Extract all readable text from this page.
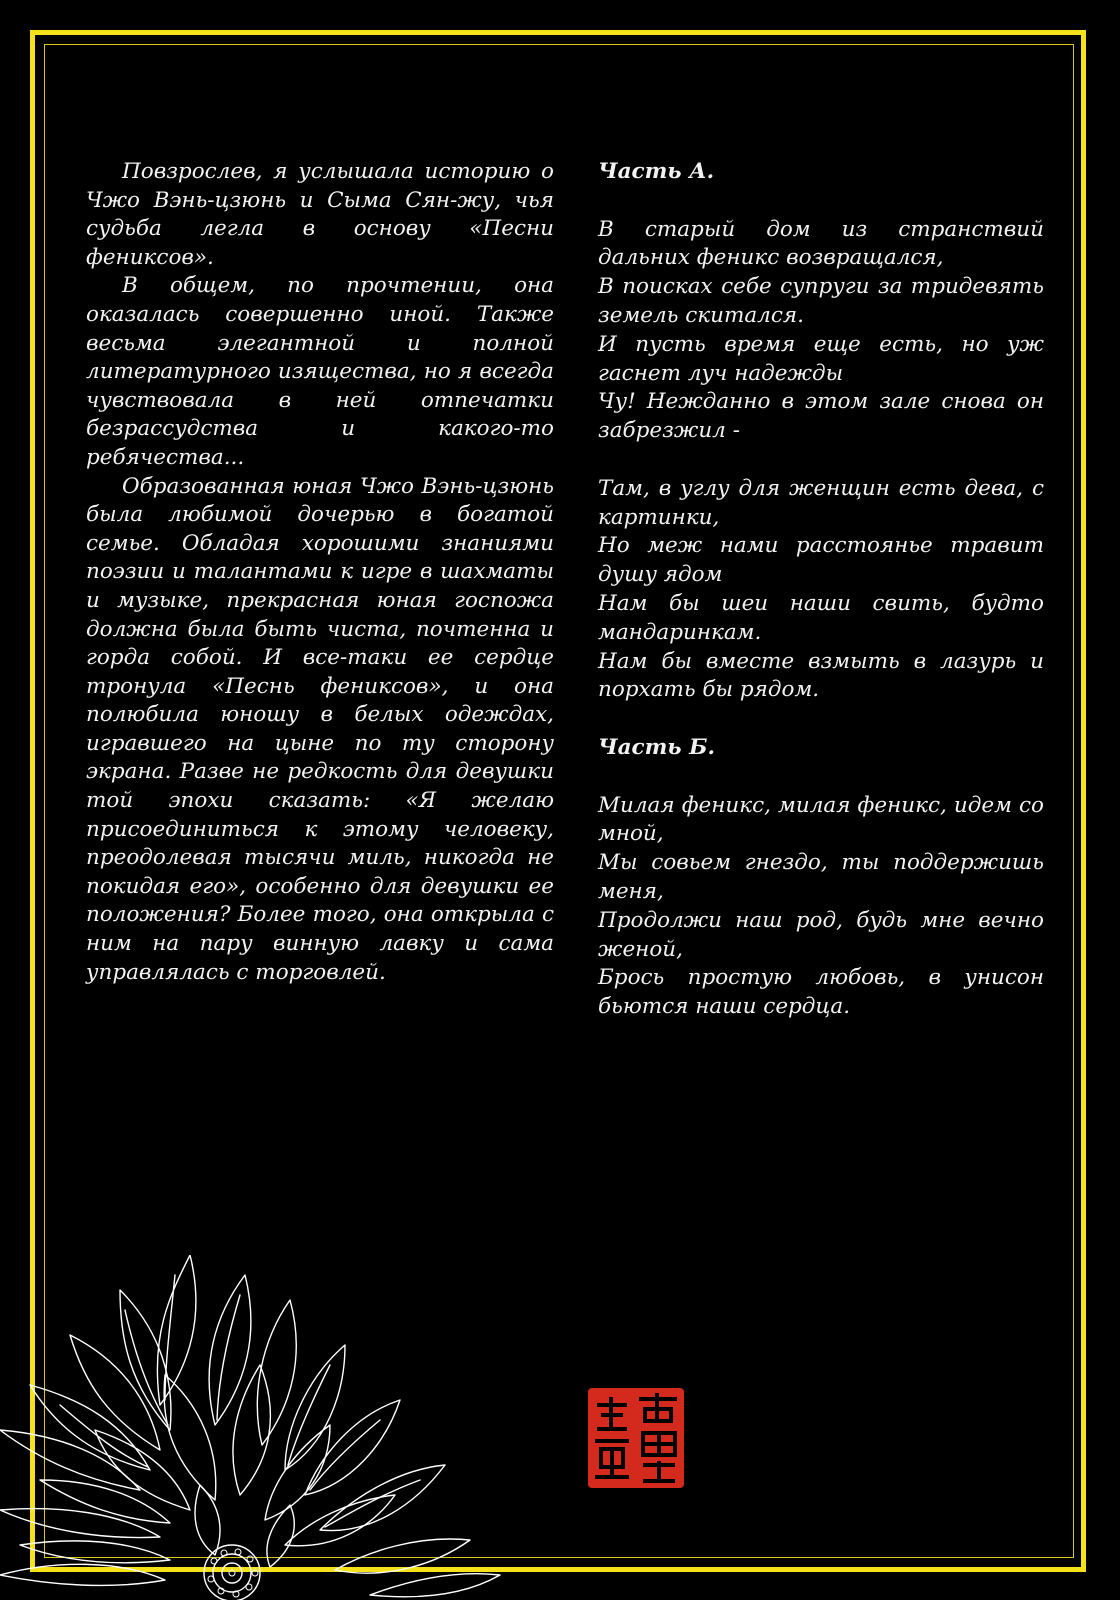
Повзрослев, я услышала историю о Чжо Вэнь-цзюнь и Сыма Сян-жу, чья судьба легла в основу «Песни фениксов».

В общем, по прочтении, она оказалась совершенно иной. Также весьма элегантной и полной литературного изящества, но я всегда чувствовала в ней отпечатки безрассудства и какого-то ребячества...

Образованная юная Чжо Вэнь-цзюнь была любимой дочерью в богатой семье. Обладая хорошими знаниями поэзии и талантами к игре в шахматы и музыке, прекрасная юная госпожа должна была быть чиста, почтенна и горда собой. И все-таки ее сердце тронула «Песнь фениксов», и она полюбила юношу в белых одеждах, игравшего на цыне по ту сторону экрана. Разве не редкость для девушки той эпохи сказать: «Я желаю присоединиться к этому человеку, преодолевая тысячи миль, никогда не покидая его», особенно для девушки ее положения? Более того, она открыла с ним на пару винную лавку и сама управлялась с торговлей.

Часть А.

В старый дом из странствий дальних феникс возвращался,

В поисках себе супруги за тридевять земель скитался.

И пусть время еще есть, но уж гаснет луч надежды

Чу! Нежданно в этом зале снова он забрезжил -

Там, в углу для женщин есть дева, с картинки,

Но меж нами расстоянье травит душу ядом

Нам бы шеи наши свить, будто мандаринкам.

Нам бы вместе взмыть в лазурь и порхать бы рядом.

Часть Б.

Милая феникс, милая феникс, идем со мной,

Мы совьем гнездо, ты поддержишь меня,

Продолжи наш род, будь мне вечно женой,

Брось простую любовь, в унисон бьются наши сердца.
